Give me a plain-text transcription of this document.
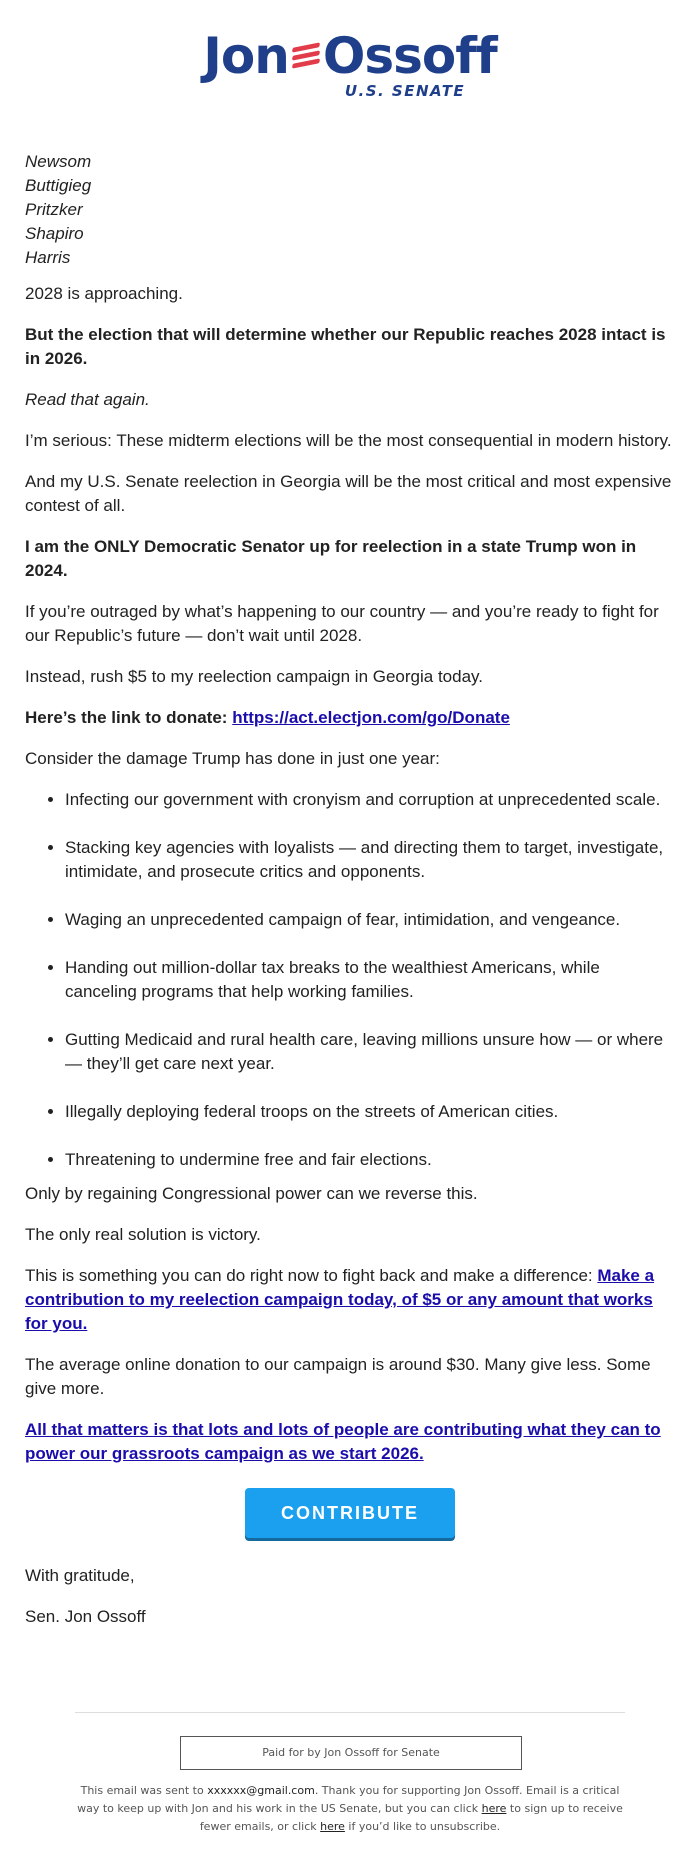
Jon Ossoff
U.S. SENATE
Newsom
Buttigieg
Pritzker
Shapiro
Harris

2028 is approaching.

But the election that will determine whether our Republic reaches 2028 intact is in 2026.

Read that again.

I’m serious: These midterm elections will be the most consequential in modern history.

And my U.S. Senate reelection in Georgia will be the most critical and most expensive contest of all.

I am the ONLY Democratic Senator up for reelection in a state Trump won in 2024.

If you’re outraged by what’s happening to our country — and you’re ready to fight for our Republic’s future — don’t wait until 2028.

Instead, rush $5 to my reelection campaign in Georgia today.

Here’s the link to donate: https://act.electjon.com/go/Donate

Consider the damage Trump has done in just one year:

• Infecting our government with cronyism and corruption at unprecedented scale.
• Stacking key agencies with loyalists — and directing them to target, investigate, intimidate, and prosecute critics and opponents.
• Waging an unprecedented campaign of fear, intimidation, and vengeance.
• Handing out million-dollar tax breaks to the wealthiest Americans, while canceling programs that help working families.
• Gutting Medicaid and rural health care, leaving millions unsure how — or where — they’ll get care next year.
• Illegally deploying federal troops on the streets of American cities.
• Threatening to undermine free and fair elections.

Only by regaining Congressional power can we reverse this.

The only real solution is victory.

This is something you can do right now to fight back and make a difference: Make a contribution to my reelection campaign today, of $5 or any amount that works for you.

The average online donation to our campaign is around $30. Many give less. Some give more.

All that matters is that lots and lots of people are contributing what they can to power our grassroots campaign as we start 2026.

CONTRIBUTE

With gratitude,

Sen. Jon Ossoff

Paid for by Jon Ossoff for Senate
This email was sent to xxxxxx@gmail.com. Thank you for supporting Jon Ossoff. Email is a critical way to keep up with Jon and his work in the US Senate, but you can click here to sign up to receive fewer emails, or click here if you’d like to unsubscribe.
